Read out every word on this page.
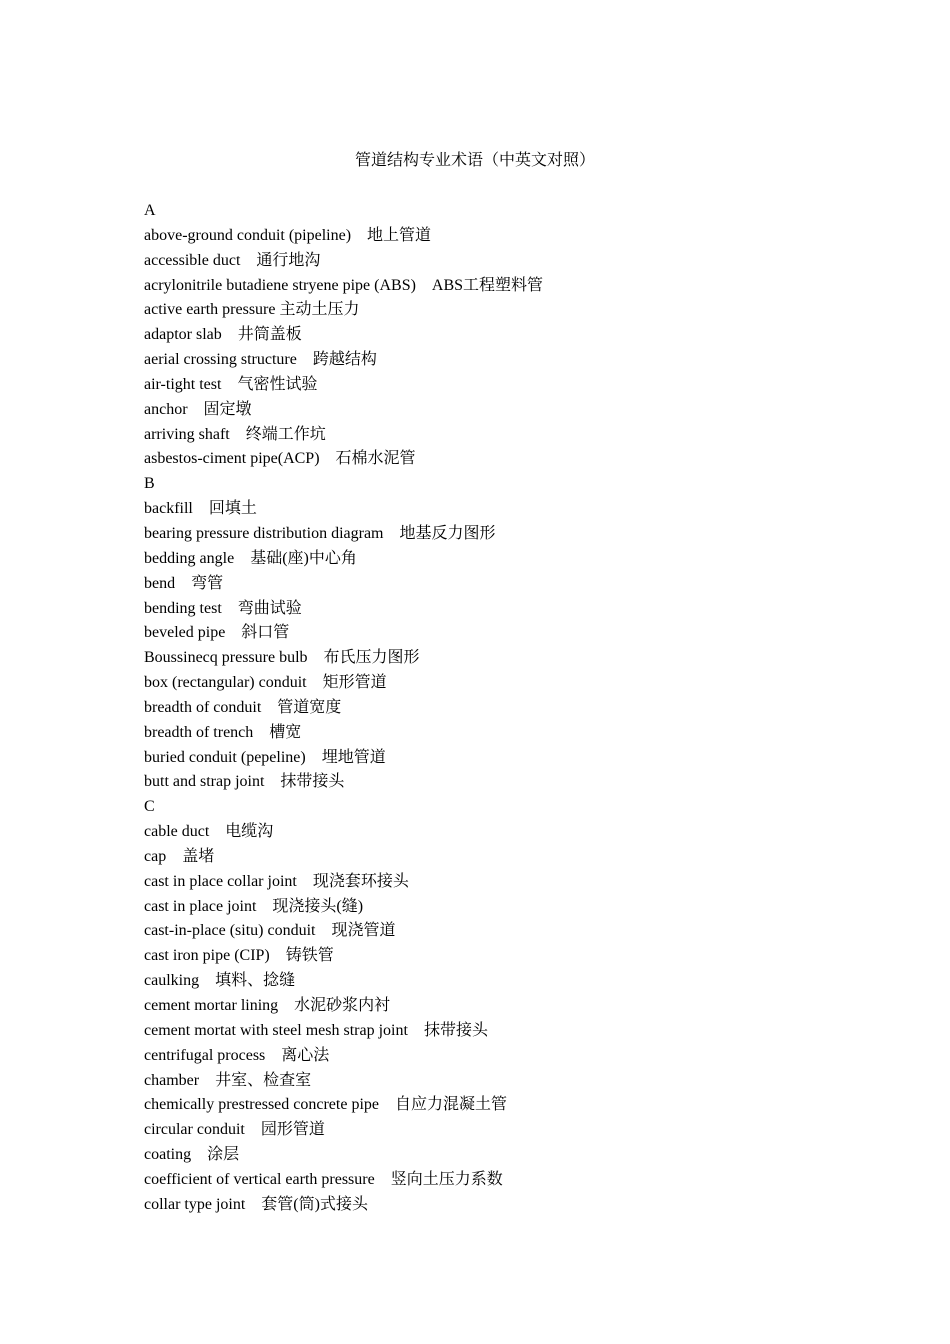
管道结构专业术语（中英文对照）
A
above-ground conduit (pipeline)　地上管道
accessible duct　通行地沟
acrylonitrile butadiene stryene pipe (ABS)　ABS工程塑料管
active earth pressure 主动土压力
adaptor slab　井筒盖板
aerial crossing structure　跨越结构
air-tight test　气密性试验
anchor　固定墩
arriving shaft　终端工作坑
asbestos-ciment pipe(ACP)　石棉水泥管
B
backfill　回填土
bearing pressure distribution diagram　地基反力图形
bedding angle　基础(座)中心角
bend　弯管
bending test　弯曲试验
beveled pipe　斜口管
Boussinecq pressure bulb　布氏压力图形
box (rectangular) conduit　矩形管道
breadth of conduit　管道宽度
breadth of trench　槽宽
buried conduit (pepeline)　埋地管道
butt and strap joint　抹带接头
C
cable duct　电缆沟
cap　盖堵
cast in place collar joint　现浇套环接头
cast in place joint　现浇接头(缝)
cast-in-place (situ) conduit　现浇管道
cast iron pipe (CIP)　铸铁管
caulking　填料、捻缝
cement mortar lining　水泥砂浆内衬
cement mortat with steel mesh strap joint　抹带接头
centrifugal process　离心法
chamber　井室、检查室
chemically prestressed concrete pipe　自应力混凝土管
circular conduit　园形管道
coating　涂层
coefficient of vertical earth pressure　竖向土压力系数
collar type joint　套管(筒)式接头
